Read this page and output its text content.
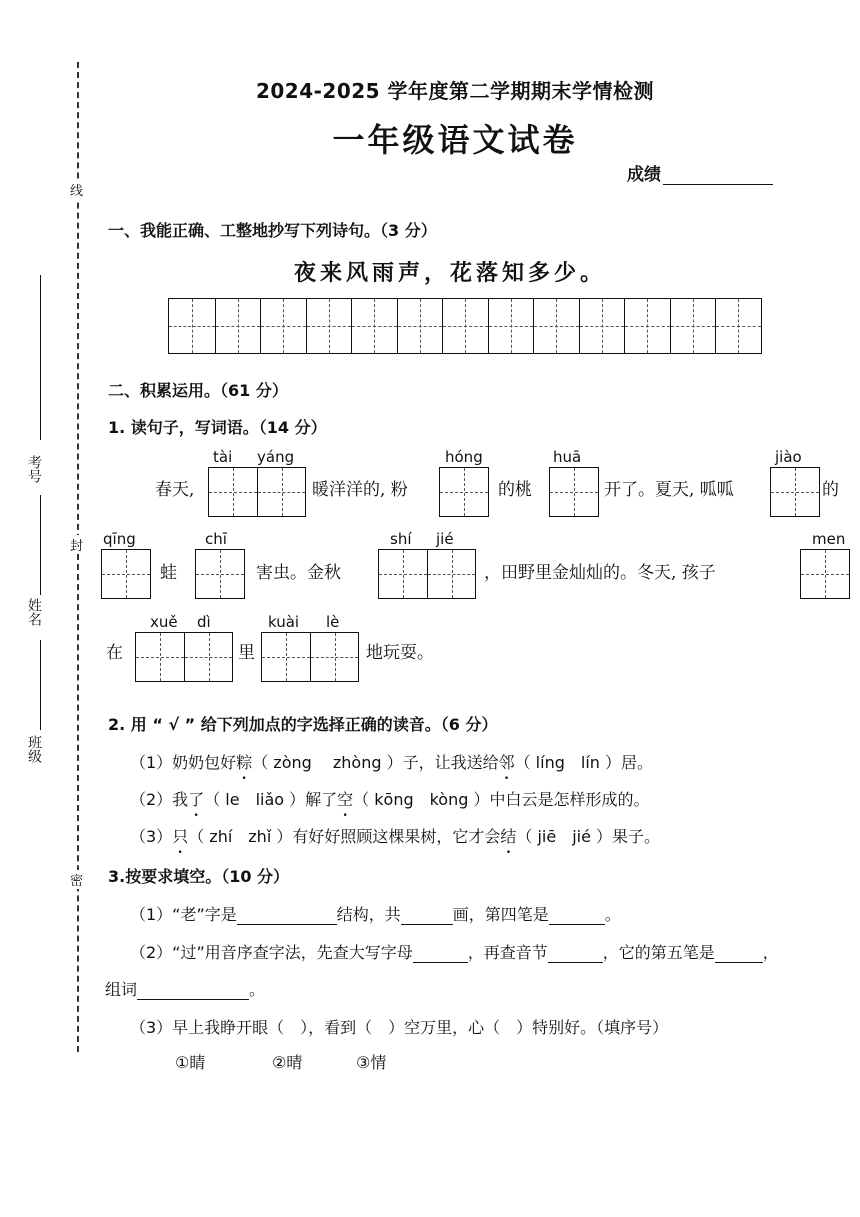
线
封
密
考号
姓名
班级
2024-2025 学年度第二学期期末学情检测
一年级语文试卷
成绩
一、我能正确、工整地抄写下列诗句。（3 分）
夜来风雨声，花落知多少。
二、积累运用。（61 分）
1. 读句子，写词语。（14 分）
春天,
tài yáng
暖洋洋的, 粉
hóng
的桃
huā
开了。夏天, 呱呱
jiào
的
qīng
蛙
chī
害虫。金秋
shí jié
，田野里金灿灿的。冬天, 孩子
men
在
xuě dì
里
kuài lè
地玩耍。
2. 用 “ √ ” 给下列加点的字选择正确的读音。（6 分）
（1）奶奶包好粽（ zòng　 zhòng ）子，让我送给邻（ líng　lín ）居。
（2）我了（ le　liǎo ）解了空（ kōng　kòng ）中白云是怎样形成的。
（3）只（ zhí　zhǐ ）有好好照顾这棵果树，它才会结（ jiē　jié ）果子。
3.按要求填空。（10 分）
（1）“老”字是	结构，共	画，第四笔是	。
（2）“过”用音序查字法，先查大写字母	，再查音节	，它的第五笔是	，
组词	。
（3）早上我睁开眼（　），看到（　）空万里，心（　）特别好。（填序号）
①睛	②晴	③情
